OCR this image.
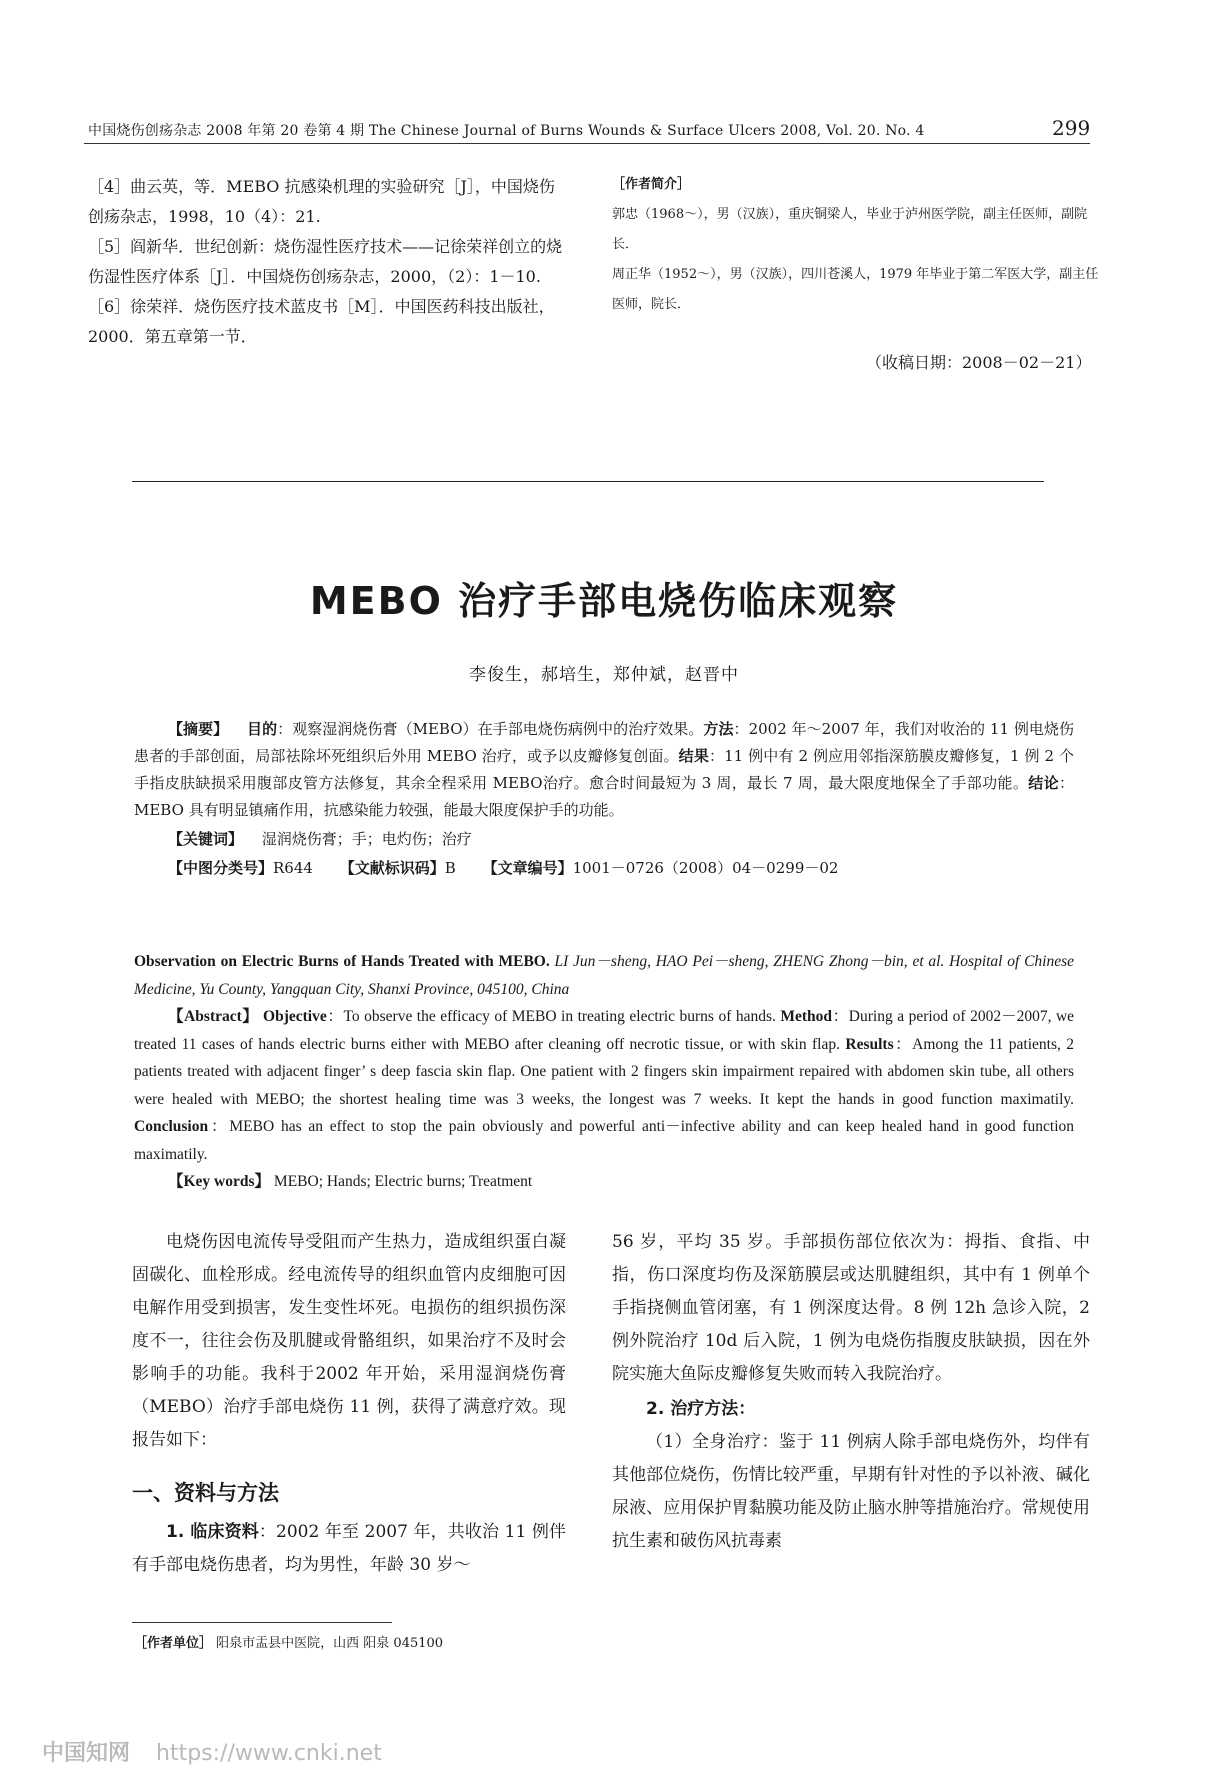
中国烧伤创疡杂志 2008 年第 20 卷第 4 期 The Chinese Journal of Burns Wounds & Surface Ulcers 2008, Vol. 20. No. 4	299

［4］曲云英，等．MEBO 抗感染机理的实验研究［J］，中国烧伤创疡杂志，1998，10（4）：21.

［5］阎新华．世纪创新：烧伤湿性医疗技术——记徐荣祥创立的烧伤湿性医疗体系［J］．中国烧伤创疡杂志，2000，（2）：1－10.

［6］徐荣祥．烧伤医疗技术蓝皮书［M］．中国医药科技出版社，2000．第五章第一节．

［作者简介］

郭忠（1968～），男（汉族），重庆铜梁人，毕业于泸州医学院，副主任医师，副院长．

周正华（1952～），男（汉族），四川苍溪人，1979 年毕业于第二军医大学，副主任医师，院长．

（收稿日期：2008－02－21）
MEBO 治疗手部电烧伤临床观察
李俊生，郝培生，郑仲斌，赵晋中

【摘要】 目的：观察湿润烧伤膏（MEBO）在手部电烧伤病例中的治疗效果。方法：2002 年～2007 年，我们对收治的 11 例电烧伤患者的手部创面，局部祛除坏死组织后外用 MEBO 治疗，或予以皮瓣修复创面。结果：11 例中有 2 例应用邻指深筋膜皮瓣修复，1 例 2 个手指皮肤缺损采用腹部皮管方法修复，其余全程采用 MEBO治疗。愈合时间最短为 3 周，最长 7 周，最大限度地保全了手部功能。结论：MEBO 具有明显镇痛作用，抗感染能力较强，能最大限度保护手的功能。

【关键词】 湿润烧伤膏；手；电灼伤；治疗

【中图分类号】R644 【文献标识码】B 【文章编号】1001－0726（2008）04－0299－02

Observation on Electric Burns of Hands Treated with MEBO. LI Jun－sheng, HAO Pei－sheng, ZHENG Zhong－bin, et al. Hospital of Chinese Medicine, Yu County, Yangquan City, Shanxi Province, 045100, China

【Abstract】 Objective：To observe the efficacy of MEBO in treating electric burns of hands. Method：During a period of 2002－2007, we treated 11 cases of hands electric burns either with MEBO after cleaning off necrotic tissue, or with skin flap. Results：Among the 11 patients, 2 patients treated with adjacent finger’ s deep fascia skin flap. One patient with 2 fingers skin impairment repaired with abdomen skin tube, all others were healed with MEBO; the shortest healing time was 3 weeks, the longest was 7 weeks. It kept the hands in good function maximatily. Conclusion：MEBO has an effect to stop the pain obviously and powerful anti－infective ability and can keep healed hand in good function maximatily.

【Key words】 MEBO; Hands; Electric burns; Treatment

电烧伤因电流传导受阻而产生热力，造成组织蛋白凝固碳化、血栓形成。经电流传导的组织血管内皮细胞可因电解作用受到损害，发生变性坏死。电损伤的组织损伤深度不一，往往会伤及肌腱或骨骼组织，如果治疗不及时会影响手的功能。我科于2002 年开始，采用湿润烧伤膏（MEBO）治疗手部电烧伤 11 例，获得了满意疗效。现报告如下：

一、资料与方法

1. 临床资料：2002 年至 2007 年，共收治 11 例伴有手部电烧伤患者，均为男性，年龄 30 岁～

56 岁，平均 35 岁。手部损伤部位依次为：拇指、食指、中指，伤口深度均伤及深筋膜层或达肌腱组织，其中有 1 例单个手指挠侧血管闭塞，有 1 例深度达骨。8 例 12h 急诊入院，2 例外院治疗 10d 后入院，1 例为电烧伤指腹皮肤缺损，因在外院实施大鱼际皮瓣修复失败而转入我院治疗。

2. 治疗方法：

（1）全身治疗：鉴于 11 例病人除手部电烧伤外，均伴有其他部位烧伤，伤情比较严重，早期有针对性的予以补液、碱化尿液、应用保护胃黏膜功能及防止脑水肿等措施治疗。常规使用抗生素和破伤风抗毒素

［作者单位］ 阳泉市盂县中医院，山西 阳泉 045100
中国知网 https://www.cnki.net
